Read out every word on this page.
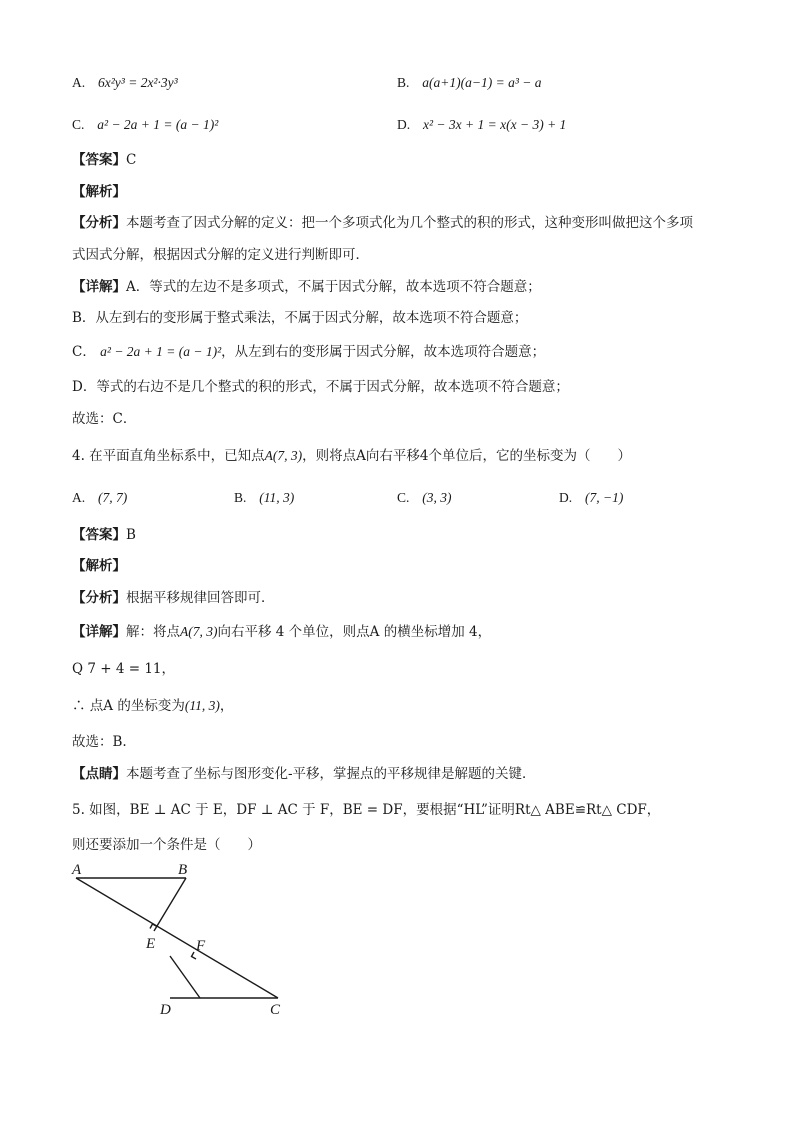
A. 6x²y³ = 2x²·3y³	B. a(a+1)(a−1) = a³ − a
C. a² − 2a + 1 = (a − 1)²	D. x² − 3x + 1 = x(x − 3) + 1
【答案】C
【解析】
【分析】本题考查了因式分解的定义：把一个多项式化为几个整式的积的形式，这种变形叫做把这个多项
式因式分解，根据因式分解的定义进行判断即可．
【详解】A．等式的左边不是多项式，不属于因式分解，故本选项不符合题意；
B．从左到右的变形属于整式乘法，不属于因式分解，故本选项不符合题意；
C． a² − 2a + 1 = (a − 1)²，从左到右的变形属于因式分解，故本选项符合题意；
D．等式的右边不是几个整式的积的形式，不属于因式分解，故本选项不符合题意；
故选：C．
4. 在平面直角坐标系中，已知点A(7, 3)，则将点A向右平移4个单位后，它的坐标变为（　　）
A. (7, 7)	B. (11, 3)	C. (3, 3)	D. (7, −1)
【答案】B
【解析】
【分析】根据平移规律回答即可．
【详解】解：将点A(7, 3)向右平移 4 个单位，则点A 的横坐标增加 4，
Q 7 + 4 = 11，
∴ 点A 的坐标变为(11, 3)，
故选：B.
【点睛】本题考查了坐标与图形变化-平移，掌握点的平移规律是解题的关键．
5. 如图，BE ⊥ AC 于 E，DF ⊥ AC 于 F，BE = DF，要根据“HL”证明Rt△ ABE≌Rt△ CDF，
则还要添加一个条件是（　　）
A	B
E	F
D	C
